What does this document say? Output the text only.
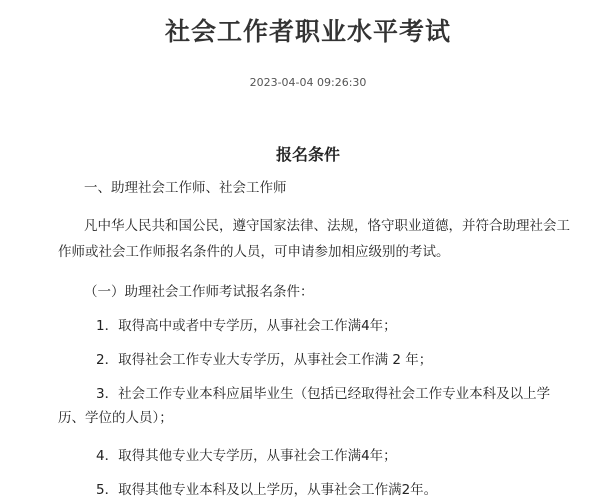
社会工作者职业水平考试
2023-04-04 09:26:30
报名条件
一、助理社会工作师、社会工作师
凡中华人民共和国公民，遵守国家法律、法规，恪守职业道德，并符合助理社会工
作师或社会工作师报名条件的人员，可申请参加相应级别的考试。
（一）助理社会工作师考试报名条件：
1．取得高中或者中专学历，从事社会工作满4年；
2．取得社会工作专业大专学历，从事社会工作满 2 年；
3．社会工作专业本科应届毕业生（包括已经取得社会工作专业本科及以上学
历、学位的人员）；
4．取得其他专业大专学历，从事社会工作满4年；
5．取得其他专业本科及以上学历，从事社会工作满2年。
